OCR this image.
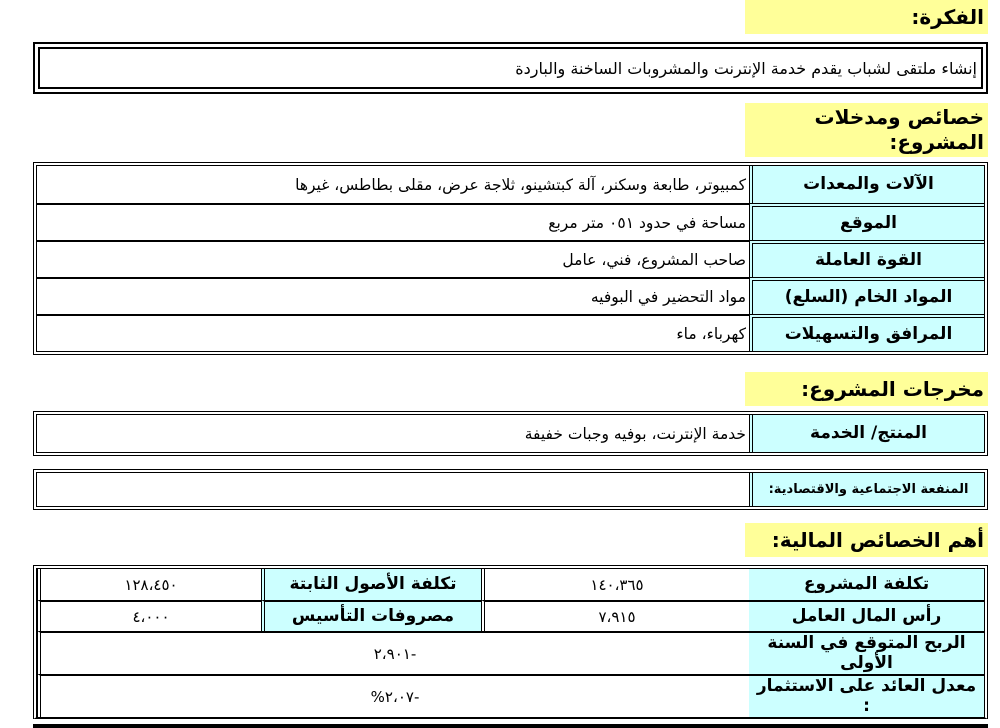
الفكرة:
إنشاء ملتقى لشباب يقدم خدمة الإنترنت والمشروبات الساخنة والباردة
خصائص ومدخلات المشروع:
الآلات والمعدات
كمبيوتر، طابعة وسكنر، آلة كبتشينو، ثلاجة عرض، مقلى بطاطس، غيرها
الموقع
مساحة في حدود ٠٥١ متر مربع
القوة العاملة
صاحب المشروع، فني، عامل
المواد الخام (السلع)
مواد التحضير في البوفيه
المرافق والتسهيلات
كهرباء، ماء
مخرجات المشروع:
المنتج/ الخدمة
خدمة الإنترنت، بوفيه وجبات خفيفة
المنفعة الاجتماعية والاقتصادية:
أهم الخصائص المالية:
تكلفة المشروع
١٤٠،٣٦٥
تكلفة الأصول الثابتة
١٢٨،٤٥٠
رأس المال العامل
٧،٩١٥
مصروفات التأسيس
٤،٠٠٠
الربح المتوقع في السنة الأولى
٢،٩٠١-
معدل العائد على الاستثمار :
%٢،٠٧-
